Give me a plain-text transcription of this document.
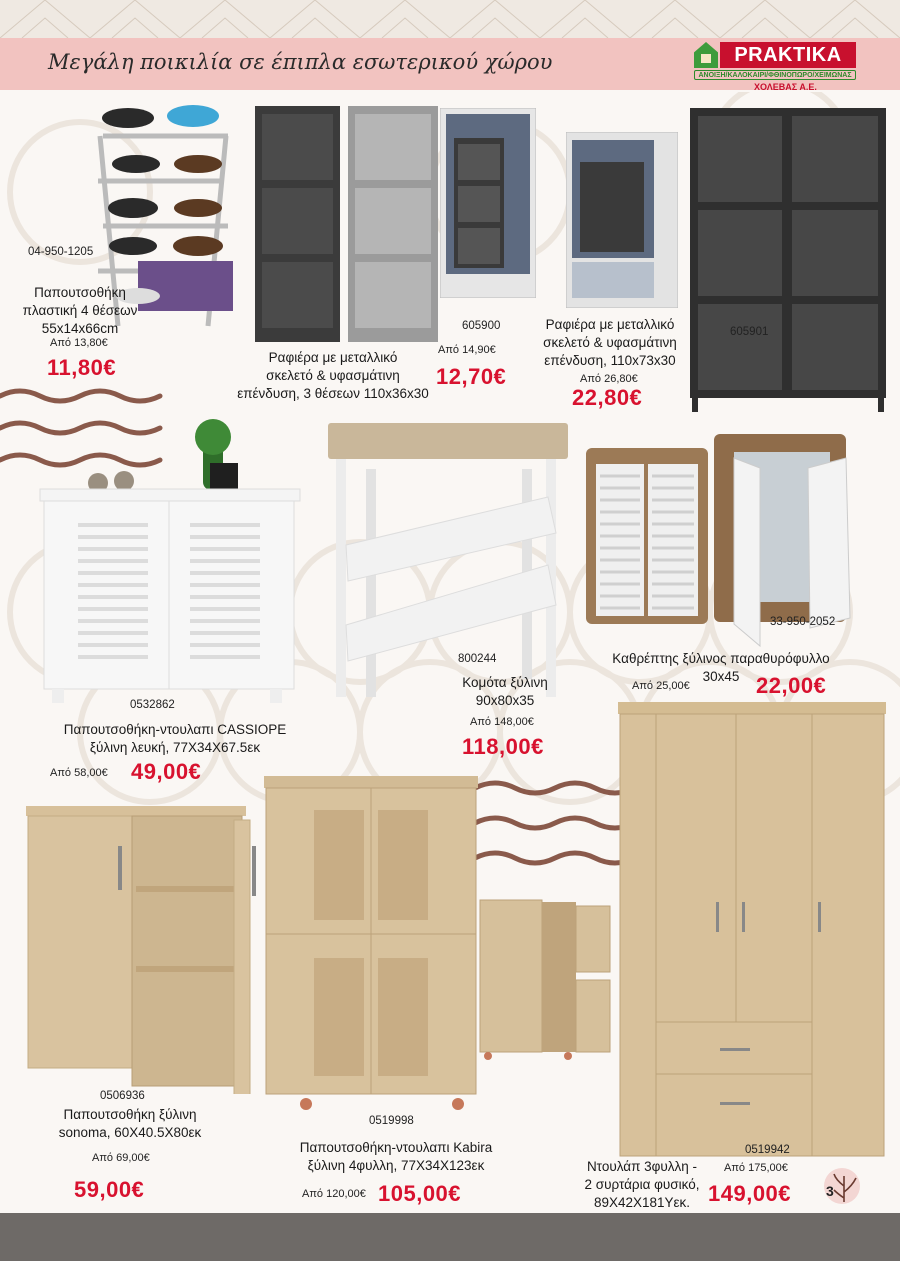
Μεγάλη ποικιλία σε έπιπλα εσωτερικού χώρου	PRAKTIKA
ΑΝΟΙΞΗ/ΚΑΛΟΚΑΙΡΙ/ΦΘΙΝΟΠΩΡΟ/ΧΕΙΜΩΝΑΣ
ΧΟΛΕΒΑΣ Α.Ε.
04-950-1205
Παπουτσοθήκη
πλαστική 4 θέσεων
55x14x66cm
Από 13,80€
11,80€
605900
Ραφιέρα με μεταλλικό
σκελετό & υφασμάτινη
επένδυση, 3 θέσεων 110x36x30
Από 14,90€
12,70€
605901
Ραφιέρα με μεταλλικό
σκελετό & υφασμάτινη
επένδυση, 110x73x30
Από 26,80€
22,80€
0532862
Παπουτσοθήκη-ντουλαπι CASSIOPE
ξύλινη λευκή, 77X34X67.5εκ
Από 58,00€ 49,00€
800244
Κομότα ξύλινη
90x80x35
Από 148,00€
118,00€
33-950-2052
Καθρέπτης ξύλινος παραθυρόφυλλο
30x45
Από 25,00€	22,00€
0506936
Παπουτσοθήκη ξύλινη
sonoma, 60X40.5X80εκ
Από 69,00€
59,00€
0519998
Παπουτσοθήκη-ντουλαπι Kabira
ξύλινη 4φυλλη, 77X34X123εκ
Από 120,00€ 105,00€
0519942
Ντουλάπ 3φυλλη -
2 συρτάρια φυσικό,
89X42X181Υεκ.
Από 175,00€
149,00€ 3
